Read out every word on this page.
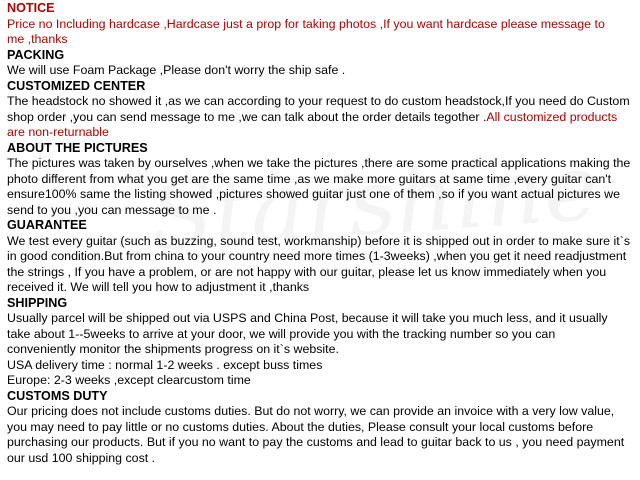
NOTICE
Price no Including hardcase ,Hardcase just a prop for taking photos ,If you want hardcase please message to
me ,thanks
PACKING
We will use Foam Package ,Please don't worry the ship safe .
CUSTOMIZED CENTER
The headstock no showed it ,as we can according to your request to do custom headstock,If you need do Custom
shop order ,you can send message to me ,we can talk about the order details tegother .All customized products
are non-returnable
ABOUT THE PICTURES
The pictures was taken by ourselves ,when we take the pictures ,there are some practical applications making the
photo different from what you get are the same time ,as we make more guitars at same time ,every guitar can't
ensure100% same the listing showed ,pictures showed guitar just one of them ,so if you want actual pictures we
send to you ,you can message to me .
GUARANTEE
We test every guitar (such as buzzing, sound test, workmanship) before it is shipped out in order to make sure it`s
in good condition.But from china to your country need more times (1-3weeks) ,when you get it need readjustment
the strings , If you have a problem, or are not happy with our guitar, please let us know immediately when you
received it. We will tell you how to adjustment it ,thanks
SHIPPING
Usually parcel will be shipped out via USPS and China Post, because it will take you much less, and it usually
take about 1--5weeks to arrive at your door, we will provide you with the tracking number so you can
conveniently monitor the shipments progress on it`s website.
USA delivery time : normal 1-2 weeks . except buss times
Europe: 2-3 weeks ,except clearcustom time
CUSTOMS DUTY
Our pricing does not include customs duties. But do not worry, we can provide an invoice with a very low value,
you may need to pay little or no customs duties. About the duties, Please consult your local customs before
purchasing our products. But if you no want to pay the customs and lead to guitar back to us , you need payment
our usd 100 shipping cost .
